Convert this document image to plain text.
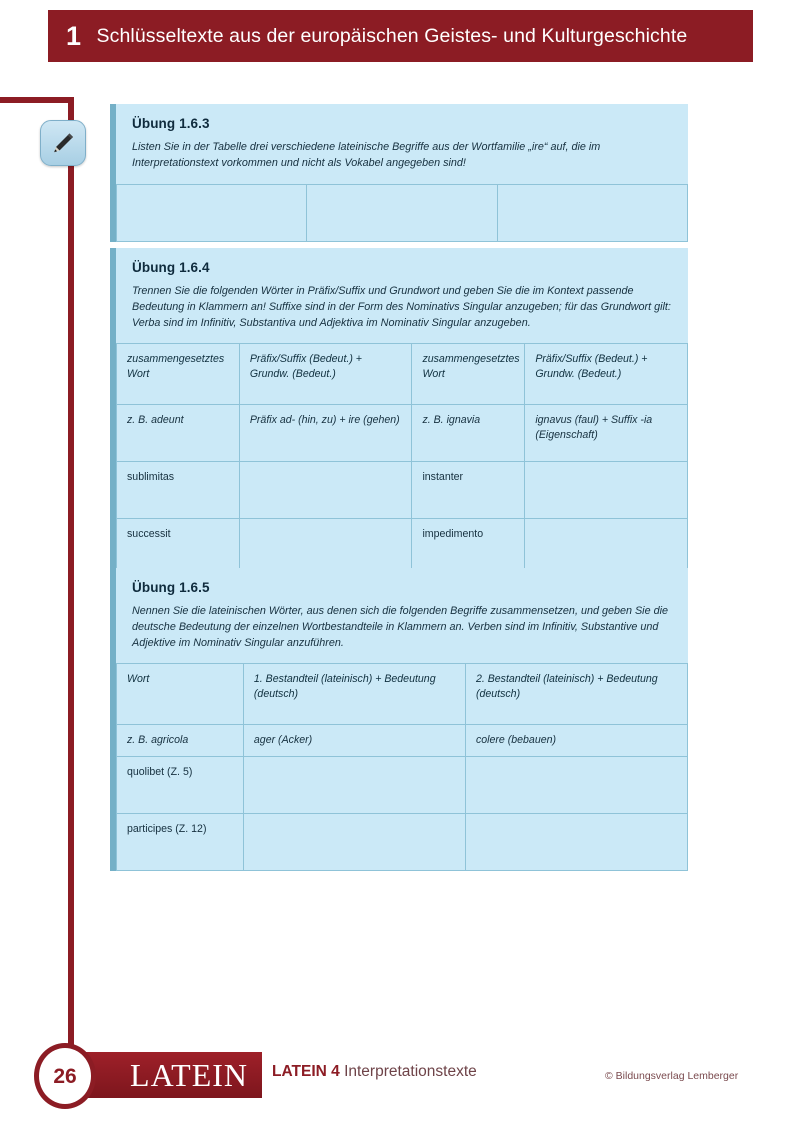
1 Schlüsseltexte aus der europäischen Geistes- und Kulturgeschichte
Übung 1.6.3
Listen Sie in der Tabelle drei verschiedene lateinische Begriffe aus der Wortfamilie „ire“ auf, die im Interpretationstext vorkommen und nicht als Vokabel angegeben sind!

Übung 1.6.4
Trennen Sie die folgenden Wörter in Präfix/Suffix und Grundwort und geben Sie die im Kontext passende Bedeutung in Klammern an! Suffixe sind in der Form des Nominativs Singular anzugeben; für das Grundwort gilt: Verba sind im Infinitiv, Substantiva und Adjektiva im Nominativ Singular anzugeben.
zusammengesetztes Wort	Präfix/Suffix (Bedeut.) + Grundw. (Bedeut.)	zusammengesetztes Wort	Präfix/Suffix (Bedeut.) + Grundw. (Bedeut.)
z. B. adeunt	Präfix ad- (hin, zu) + ire (gehen)	z. B. ignavia	ignavus (faul) + Suffix -ia (Eigenschaft)
sublimitas		instanter	
successit		impedimento	
Übung 1.6.5
Nennen Sie die lateinischen Wörter, aus denen sich die folgenden Begriffe zusammensetzen, und geben Sie die deutsche Bedeutung der einzelnen Wortbestandteile in Klammern an. Verben sind im Infinitiv, Substantive und Adjektive im Nominativ Singular anzuführen.
Wort	1. Bestandteil (lateinisch) + Bedeutung (deutsch)	2. Bestandteil (lateinisch) + Bedeutung (deutsch)
z. B. agricola	ager (Acker)	colere (bebauen)
quolibet (Z. 5)		
participes (Z. 12)		
LATEIN
26	LATEIN 4 Interpretationstexte	© Bildungsverlag Lemberger
